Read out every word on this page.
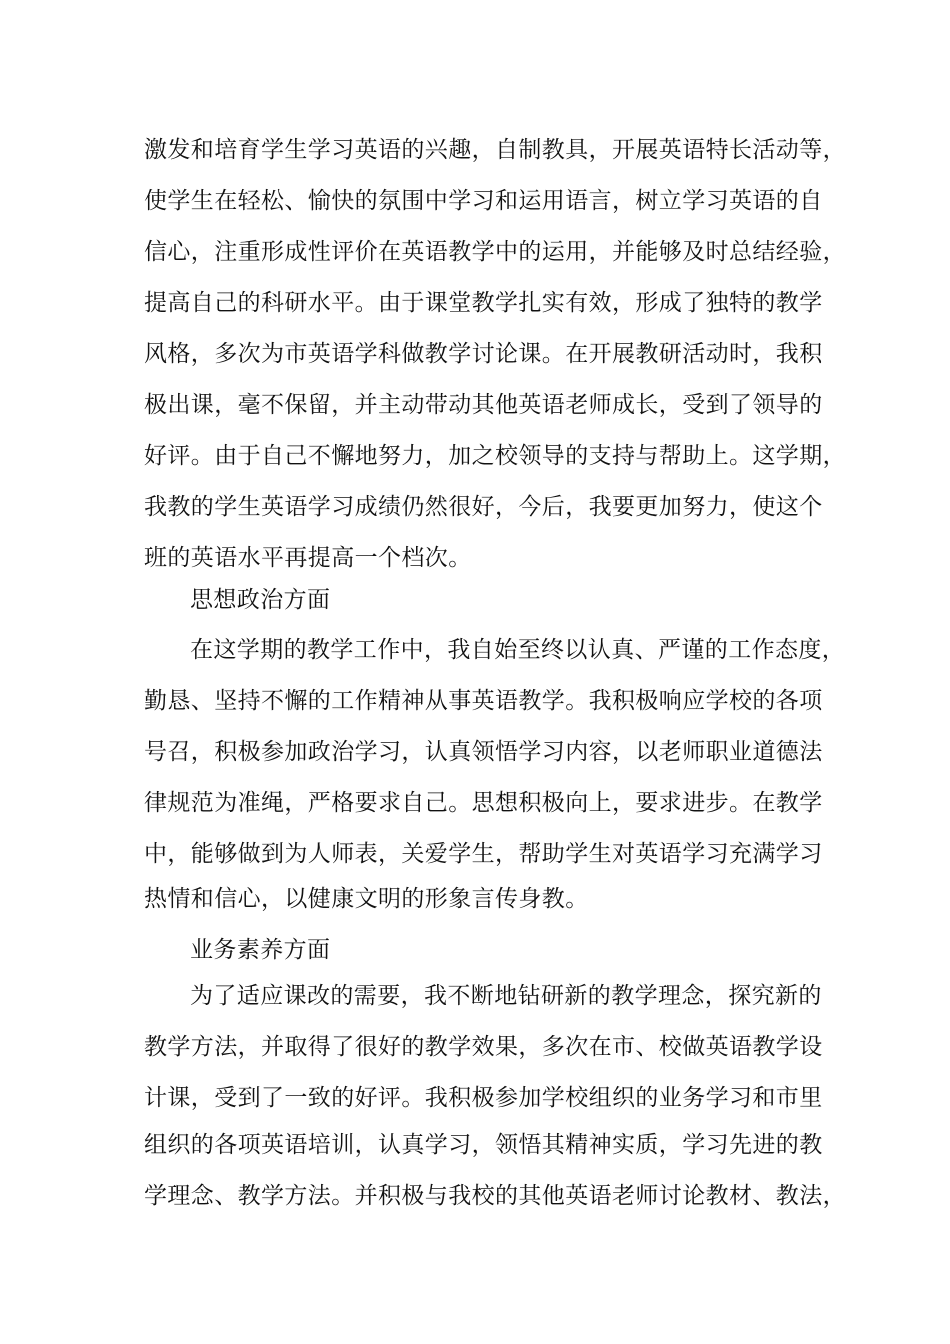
激发和培育学生学习英语的兴趣，自制教具，开展英语特长活动等，
使学生在轻松、愉快的氛围中学习和运用语言，树立学习英语的自
信心，注重形成性评价在英语教学中的运用，并能够及时总结经验，
提高自己的科研水平。由于课堂教学扎实有效，形成了独特的教学
风格，多次为市英语学科做教学讨论课。在开展教研活动时，我积
极出课，毫不保留，并主动带动其他英语老师成长，受到了领导的
好评。由于自己不懈地努力，加之校领导的支持与帮助上。这学期，
我教的学生英语学习成绩仍然很好，今后，我要更加努力，使这个
班的英语水平再提高一个档次。
思想政治方面
在这学期的教学工作中，我自始至终以认真、严谨的工作态度，
勤恳、坚持不懈的工作精神从事英语教学。我积极响应学校的各项
号召，积极参加政治学习，认真领悟学习内容，以老师职业道德法
律规范为准绳，严格要求自己。思想积极向上，要求进步。在教学
中，能够做到为人师表，关爱学生，帮助学生对英语学习充满学习
热情和信心，以健康文明的形象言传身教。
业务素养方面
为了适应课改的需要，我不断地钻研新的教学理念，探究新的
教学方法，并取得了很好的教学效果，多次在市、校做英语教学设
计课，受到了一致的好评。我积极参加学校组织的业务学习和市里
组织的各项英语培训，认真学习，领悟其精神实质，学习先进的教
学理念、教学方法。并积极与我校的其他英语老师讨论教材、教法，
